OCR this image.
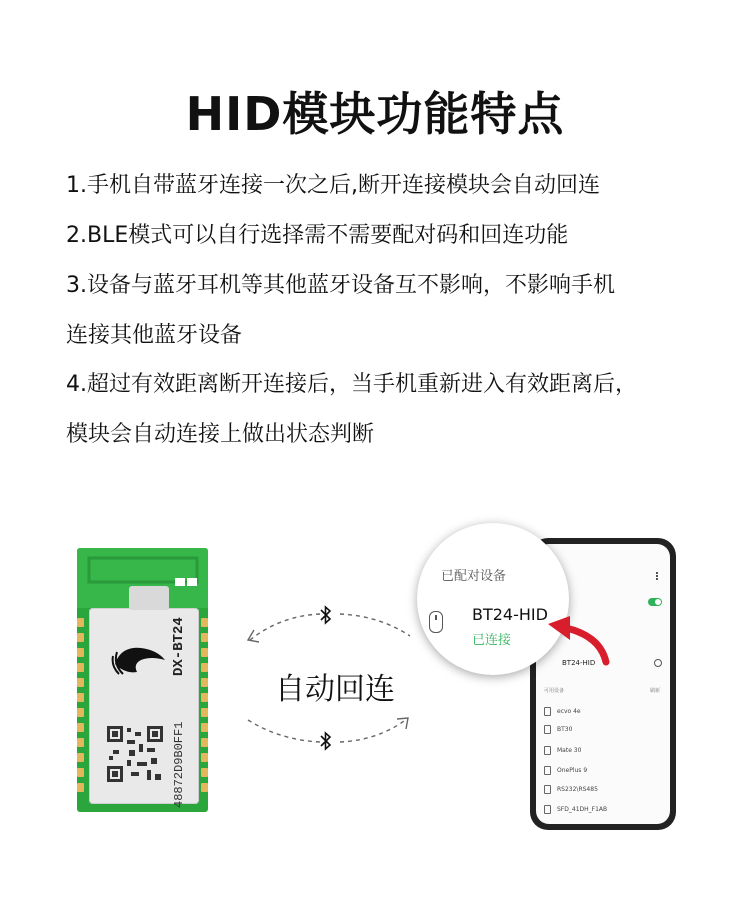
HID模块功能特点
1.手机自带蓝牙连接一次之后,断开连接模块会自动回连
2.BLE模式可以自行选择需不需要配对码和回连功能
3.设备与蓝牙耳机等其他蓝牙设备互不影响，不影响手机
连接其他蓝牙设备
4.超过有效距离断开连接后，当手机重新进入有效距离后，
模块会自动连接上做出状态判断
DX-BT24
48872D9B0FF1
自动回连
BT24-HID
可用设备	刷新
ecvo 4e
BT30
Mate 30
OnePlus 9
RS232\RS485
SFD_41DH_F1AB
已配对设备
BT24-HID
已连接
